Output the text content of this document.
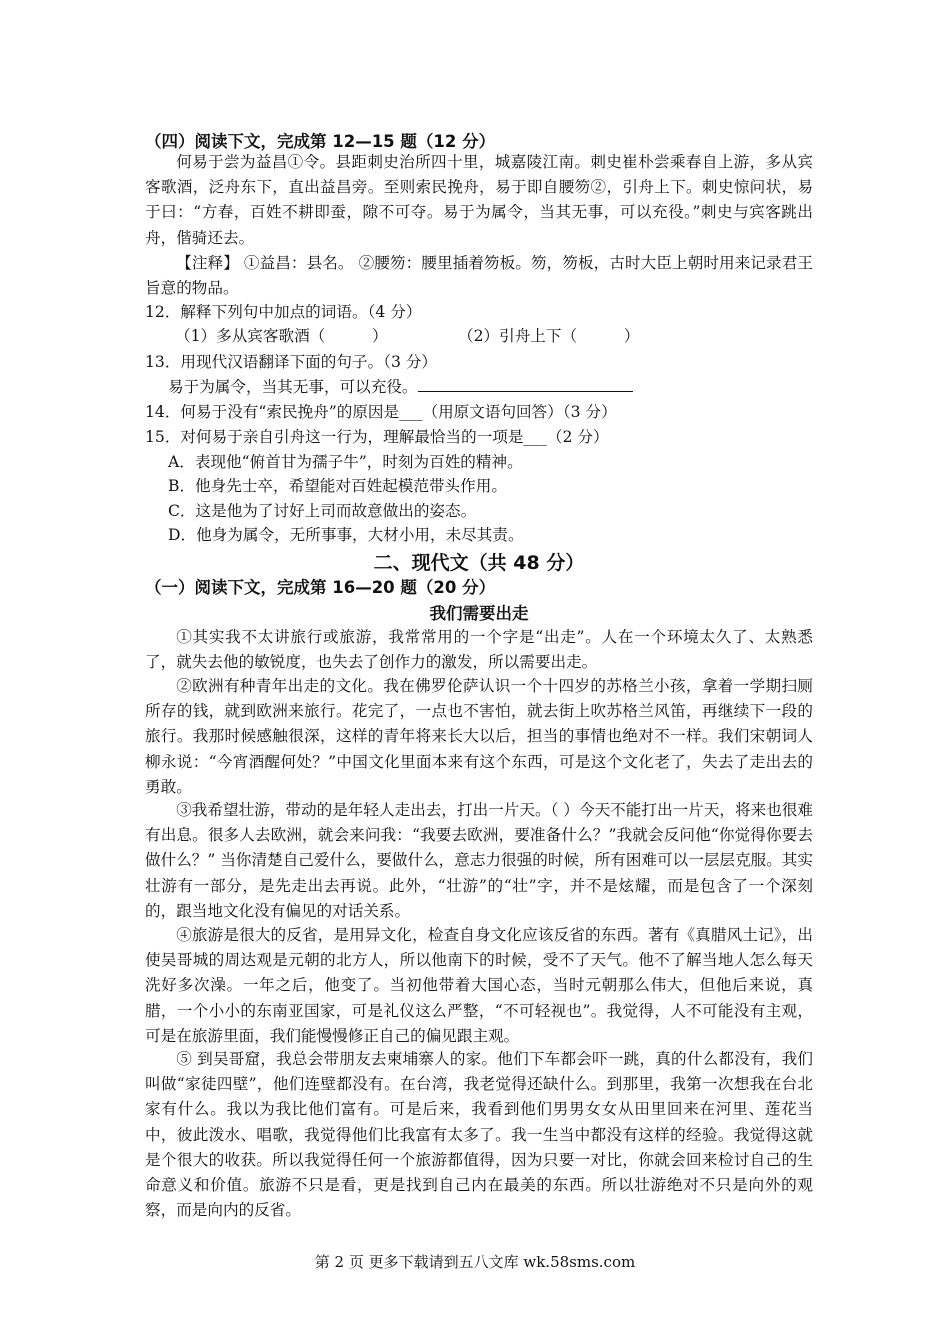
（四）阅读下文，完成第 12—15 题（12 分）
何易于尝为益昌①令。县距刺史治所四十里，城嘉陵江南。刺史崔朴尝乘春自上游，多从宾客歌酒，泛舟东下，直出益昌旁。至则索民挽舟，易于即自腰笏②，引舟上下。刺史惊问状，易于曰：“方春，百姓不耕即蚕，隙不可夺。易于为属令，当其无事，可以充役。”刺史与宾客跳出舟，偕骑还去。
【注释】 ①益昌：县名。 ②腰笏：腰里插着笏板。笏，笏板，古时大臣上朝时用来记录君王旨意的物品。
12．解释下列句中加点的词语。（4 分）
（1）多从宾客歌酒（　　　）	（2）引舟上下（　　　）
13．用现代汉语翻译下面的句子。（3 分）
易于为属令，当其无事，可以充役。
14．何易于没有“索民挽舟”的原因是___（用原文语句回答）（3 分）
15．对何易于亲自引舟这一行为，理解最恰当的一项是___（2 分）
A．表现他“俯首甘为孺子牛”，时刻为百姓的精神。
B．他身先士卒，希望能对百姓起模范带头作用。
C．这是他为了讨好上司而故意做出的姿态。
D．他身为属令，无所事事，大材小用，未尽其责。
二、现代文（共 48 分）
（一）阅读下文，完成第 16—20 题（20 分）
我们需要出走
①其实我不太讲旅行或旅游，我常常用的一个字是“出走”。人在一个环境太久了、太熟悉了，就失去他的敏锐度，也失去了创作力的激发，所以需要出走。
②欧洲有种青年出走的文化。我在佛罗伦萨认识一个十四岁的苏格兰小孩，拿着一学期扫厕所存的钱，就到欧洲来旅行。花完了，一点也不害怕，就去街上吹苏格兰风笛，再继续下一段的旅行。我那时候感触很深，这样的青年将来长大以后，担当的事情也绝对不一样。我们宋朝词人柳永说：“今宵酒醒何处？”中国文化里面本来有这个东西，可是这个文化老了，失去了走出去的勇敢。
③我希望壮游，带动的是年轻人走出去，打出一片天。（ ）今天不能打出一片天，将来也很难有出息。很多人去欧洲，就会来问我：“我要去欧洲，要准备什么？”我就会反问他“你觉得你要去做什么？” 当你清楚自己爱什么，要做什么，意志力很强的时候，所有困难可以一层层克服。其实壮游有一部分，是先走出去再说。此外，“壮游”的“壮”字，并不是炫耀，而是包含了一个深刻的，跟当地文化没有偏见的对话关系。
④旅游是很大的反省，是用异文化，检查自身文化应该反省的东西。著有《真腊风土记》，出使吴哥城的周达观是元朝的北方人，所以他南下的时候，受不了天气。他不了解当地人怎么每天洗好多次澡。一年之后，他变了。当初他带着大国心态，当时元朝那么伟大，但他后来说，真腊，一个小小的东南亚国家，可是礼仪这么严整，“不可轻视也”。我觉得，人不可能没有主观，可是在旅游里面，我们能慢慢修正自己的偏见跟主观。
⑤ 到吴哥窟，我总会带朋友去柬埔寨人的家。他们下车都会吓一跳，真的什么都没有，我们叫做“家徒四壁”，他们连壁都没有。在台湾，我老觉得还缺什么。到那里，我第一次想我在台北家有什么。我以为我比他们富有。可是后来，我看到他们男男女女从田里回来在河里、莲花当中，彼此泼水、唱歌，我觉得他们比我富有太多了。我一生当中都没有这样的经验。我觉得这就是个很大的收获。所以我觉得任何一个旅游都值得，因为只要一对比，你就会回来检讨自己的生命意义和价值。旅游不只是看，更是找到自己内在最美的东西。所以壮游绝对不只是向外的观察，而是向内的反省。
第 2 页 更多下载请到五八文库 wk.58sms.com
